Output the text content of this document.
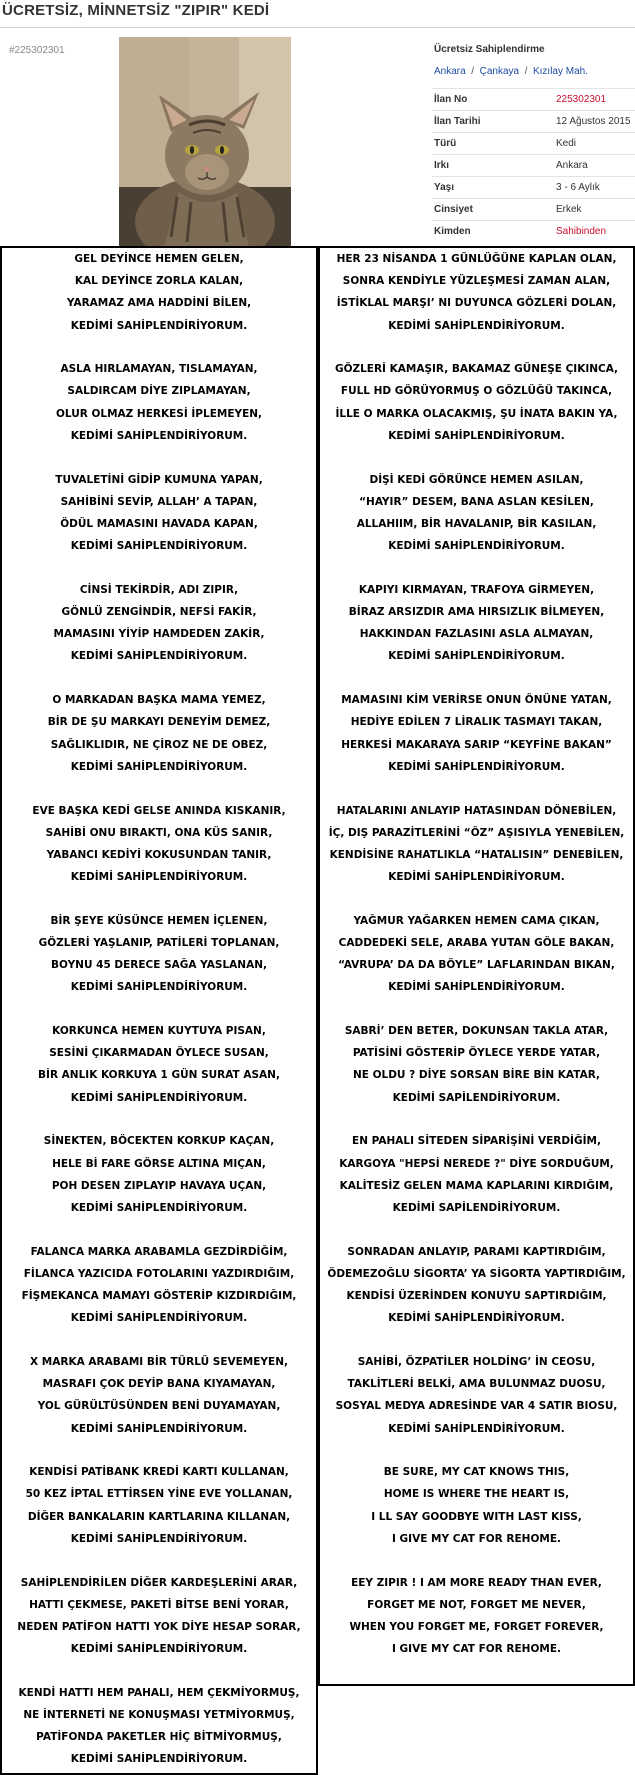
ÜCRETSİZ, MİNNETSİZ "ZIPIR" KEDİ
#225302301	Ücretsiz Sahiplendirme
Ankara  /  Çankaya  /  Kızılay Mah.
İlan No	225302301
İlan Tarihi	12 Ağustos 2015
Türü	Kedi
Irkı	Ankara
Yaşı	3 - 6 Aylık
Cinsiyet	Erkek
Kimden	Sahibinden
GEL DEYİNCE HEMEN GELEN,
KAL DEYİNCE ZORLA KALAN,
YARAMAZ AMA HADDİNİ BİLEN,
KEDİMİ SAHİPLENDİRİYORUM.
ASLA HIRLAMAYAN, TISLAMAYAN,
SALDIRCAM DİYE ZIPLAMAYAN,
OLUR OLMAZ HERKESİ İPLEMEYEN,
KEDİMİ SAHİPLENDİRİYORUM.
TUVALETİNİ GİDİP KUMUNA YAPAN,
SAHİBİNİ SEVİP, ALLAH’ A TAPAN,
ÖDÜL MAMASINI HAVADA KAPAN,
KEDİMİ SAHİPLENDİRİYORUM.
CİNSİ TEKİRDİR, ADI ZIPIR,
GÖNLÜ ZENGİNDİR, NEFSİ FAKİR,
MAMASINI YİYİP HAMDEDEN ZAKİR,
KEDİMİ SAHİPLENDİRİYORUM.
O MARKADAN BAŞKA MAMA YEMEZ,
BİR DE ŞU MARKAYI DENEYİM DEMEZ,
SAĞLIKLIDIR, NE ÇİROZ NE DE OBEZ,
KEDİMİ SAHİPLENDİRİYORUM.
EVE BAŞKA KEDİ GELSE ANINDA KISKANIR,
SAHİBİ ONU BIRAKTI, ONA KÜS SANIR,
YABANCI KEDİYİ KOKUSUNDAN TANIR,
KEDİMİ SAHİPLENDİRİYORUM.
BİR ŞEYE KÜSÜNCE HEMEN İÇLENEN,
GÖZLERİ YAŞLANIP, PATİLERİ TOPLANAN,
BOYNU 45 DERECE SAĞA YASLANAN,
KEDİMİ SAHİPLENDİRİYORUM.
KORKUNCA HEMEN KUYTUYA PISAN,
SESİNİ ÇIKARMADAN ÖYLECE SUSAN,
BİR ANLIK KORKUYA 1 GÜN SURAT ASAN,
KEDİMİ SAHİPLENDİRİYORUM.
SİNEKTEN, BÖCEKTEN KORKUP KAÇAN,
HELE Bİ FARE GÖRSE ALTINA MIÇAN,
POH DESEN ZIPLAYIP HAVAYA UÇAN,
KEDİMİ SAHİPLENDİRİYORUM.
FALANCA MARKA ARABAMLA GEZDİRDİĞİM,
FİLANCA YAZICIDA FOTOLARINI YAZDIRDIĞIM,
FİŞMEKANCA MAMAYI GÖSTERİP KIZDIRDIĞIM,
KEDİMİ SAHİPLENDİRİYORUM.
X MARKA ARABAMI BİR TÜRLÜ SEVEMEYEN,
MASRAFI ÇOK DEYİP BANA KIYAMAYAN,
YOL GÜRÜLTÜSÜNDEN BENİ DUYAMAYAN,
KEDİMİ SAHİPLENDİRİYORUM.
KENDİSİ PATİBANK KREDİ KARTI KULLANAN,
50 KEZ İPTAL ETTİRSEN YİNE EVE YOLLANAN,
DİĞER BANKALARIN KARTLARINA KILLANAN,
KEDİMİ SAHİPLENDİRİYORUM.
SAHİPLENDİRİLEN DİĞER KARDEŞLERİNİ ARAR,
HATTI ÇEKMESE, PAKETİ BİTSE BENİ YORAR,
NEDEN PATİFON HATTI YOK DİYE HESAP SORAR,
KEDİMİ SAHİPLENDİRİYORUM.
KENDİ HATTI HEM PAHALI, HEM ÇEKMİYORMUŞ,
NE İNTERNETİ NE KONUŞMASI YETMİYORMUŞ,
PATİFONDA PAKETLER HİÇ BİTMİYORMUŞ,
KEDİMİ SAHİPLENDİRİYORUM.
HER 23 NİSANDA 1 GÜNLÜĞÜNE KAPLAN OLAN,
SONRA KENDİYLE YÜZLEŞMESİ ZAMAN ALAN,
İSTİKLAL MARŞI’ NI DUYUNCA GÖZLERİ DOLAN,
KEDİMİ SAHİPLENDİRİYORUM.
GÖZLERİ KAMAŞIR, BAKAMAZ GÜNEŞE ÇIKINCA,
FULL HD GÖRÜYORMUŞ O GÖZLÜĞÜ TAKINCA,
İLLE O MARKA OLACAKMIŞ, ŞU İNATA BAKIN YA,
KEDİMİ SAHİPLENDİRİYORUM.
DİŞİ KEDİ GÖRÜNCE HEMEN ASILAN,
“HAYIR” DESEM, BANA ASLAN KESİLEN,
ALLAHIIM, BİR HAVALANIP, BİR KASILAN,
KEDİMİ SAHİPLENDİRİYORUM.
KAPIYI KIRMAYAN, TRAFOYA GİRMEYEN,
BİRAZ ARSIZDIR AMA HIRSIZLIK BİLMEYEN,
HAKKINDAN FAZLASINI ASLA ALMAYAN,
KEDİMİ SAHİPLENDİRİYORUM.
MAMASINI KİM VERİRSE ONUN ÖNÜNE YATAN,
HEDİYE EDİLEN 7 LİRALIK TASMAYI TAKAN,
HERKESİ MAKARAYA SARIP “KEYFİNE BAKAN”
KEDİMİ SAHİPLENDİRİYORUM.
HATALARINI ANLAYIP HATASINDAN DÖNEBİLEN,
İÇ, DIŞ PARAZİTLERİNİ “ÖZ” AŞISIYLA YENEBİLEN,
KENDİSİNE RAHATLIKLA “HATALISIN” DENEBİLEN,
KEDİMİ SAHİPLENDİRİYORUM.
YAĞMUR YAĞARKEN HEMEN CAMA ÇIKAN,
CADDEDEKİ SELE, ARABA YUTAN GÖLE BAKAN,
“AVRUPA’ DA DA BÖYLE” LAFLARINDAN BIKAN,
KEDİMİ SAHİPLENDİRİYORUM.
SABRİ’ DEN BETER, DOKUNSAN TAKLA ATAR,
PATİSİNİ GÖSTERİP ÖYLECE YERDE YATAR,
NE OLDU ? DİYE SORSAN BİRE BİN KATAR,
KEDİMİ SAPİLENDİRİYORUM.
EN PAHALI SİTEDEN SİPARİŞİNİ VERDİĞİM,
KARGOYA "HEPSİ NEREDE ?" DİYE SORDUĞUM,
KALİTESİZ GELEN MAMA KAPLARINI KIRDIĞIM,
KEDİMİ SAPİLENDİRİYORUM.
SONRADAN ANLAYIP, PARAMI KAPTIRDIĞIM,
ÖDEMEZOĞLU SİGORTA’ YA SİGORTA YAPTIRDIĞIM,
KENDİSİ ÜZERİNDEN KONUYU SAPTIRDIĞIM,
KEDİMİ SAHİPLENDİRİYORUM.
SAHİBİ, ÖZPATİLER HOLDİNG’ İN CEOSU,
TAKLİTLERİ BELKİ, AMA BULUNMAZ DUOSU,
SOSYAL MEDYA ADRESİNDE VAR 4 SATIR BIOSU,
KEDİMİ SAHİPLENDİRİYORUM.
BE SURE, MY CAT KNOWS THIS,
HOME IS WHERE THE HEART IS,
I LL SAY GOODBYE WITH LAST KISS,
I GIVE MY CAT FOR REHOME.
EEY ZIPIR ! I AM MORE READY THAN EVER,
FORGET ME NOT, FORGET ME NEVER,
WHEN YOU FORGET ME, FORGET FOREVER,
I GIVE MY CAT FOR REHOME.
